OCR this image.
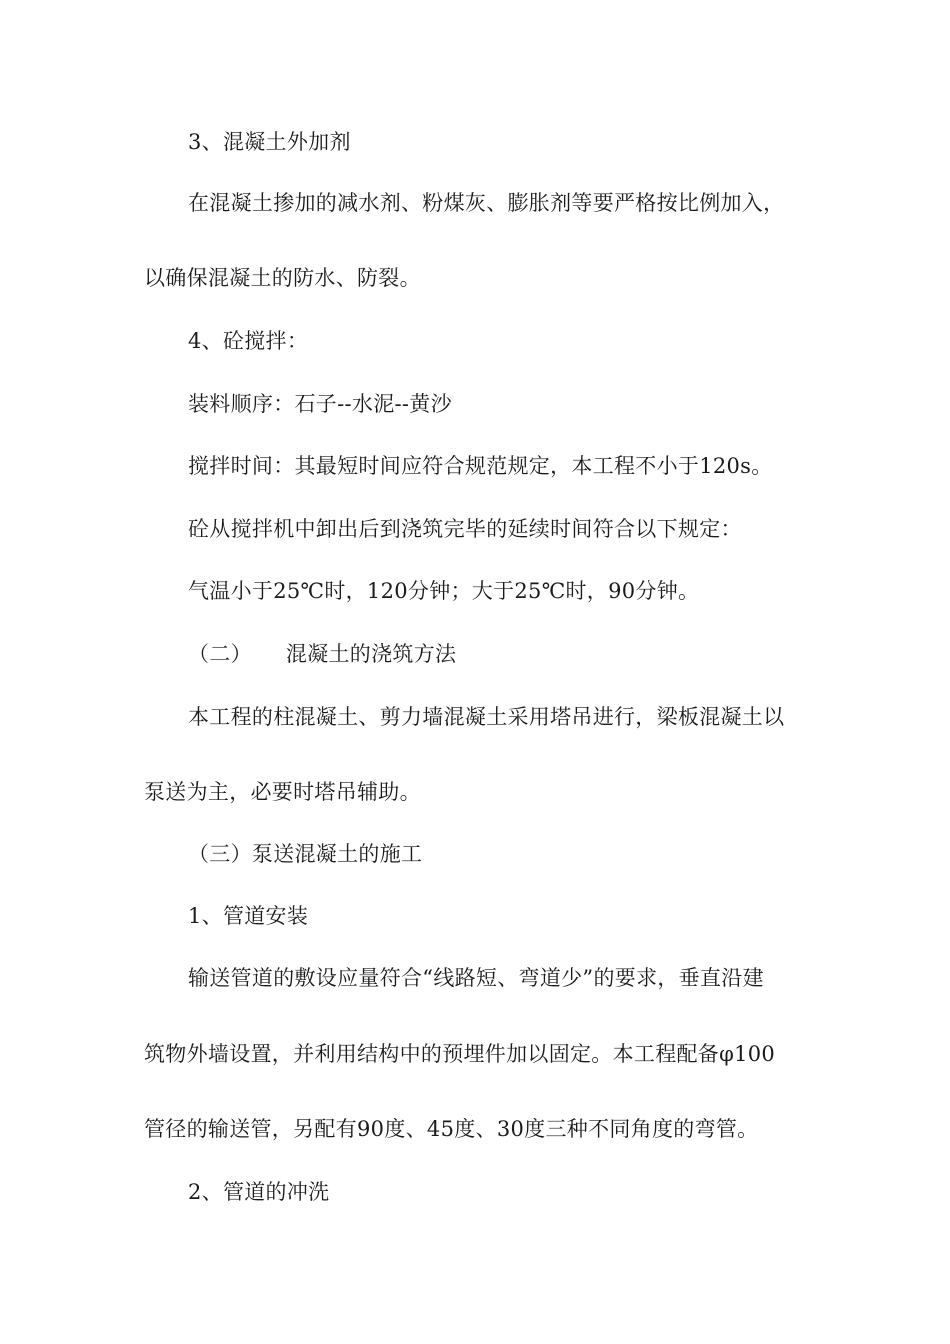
3、混凝土外加剂
在混凝土掺加的减水剂、粉煤灰、膨胀剂等要严格按比例加入，
以确保混凝土的防水、防裂。
4、砼搅拌：
装料顺序：石子--水泥--黄沙
搅拌时间：其最短时间应符合规范规定，本工程不小于120s。
砼从搅拌机中卸出后到浇筑完毕的延续时间符合以下规定：
气温小于25℃时，120分钟；大于25℃时，90分钟。
（二） 混凝土的浇筑方法
本工程的柱混凝土、剪力墙混凝土采用塔吊进行，梁板混凝土以
泵送为主，必要时塔吊辅助。
（三）泵送混凝土的施工
1、管道安装
输送管道的敷设应量符合“线路短、弯道少”的要求，垂直沿建
筑物外墙设置，并利用结构中的预埋件加以固定。本工程配备φ100
管径的输送管，另配有90度、45度、30度三种不同角度的弯管。
2、管道的冲洗
